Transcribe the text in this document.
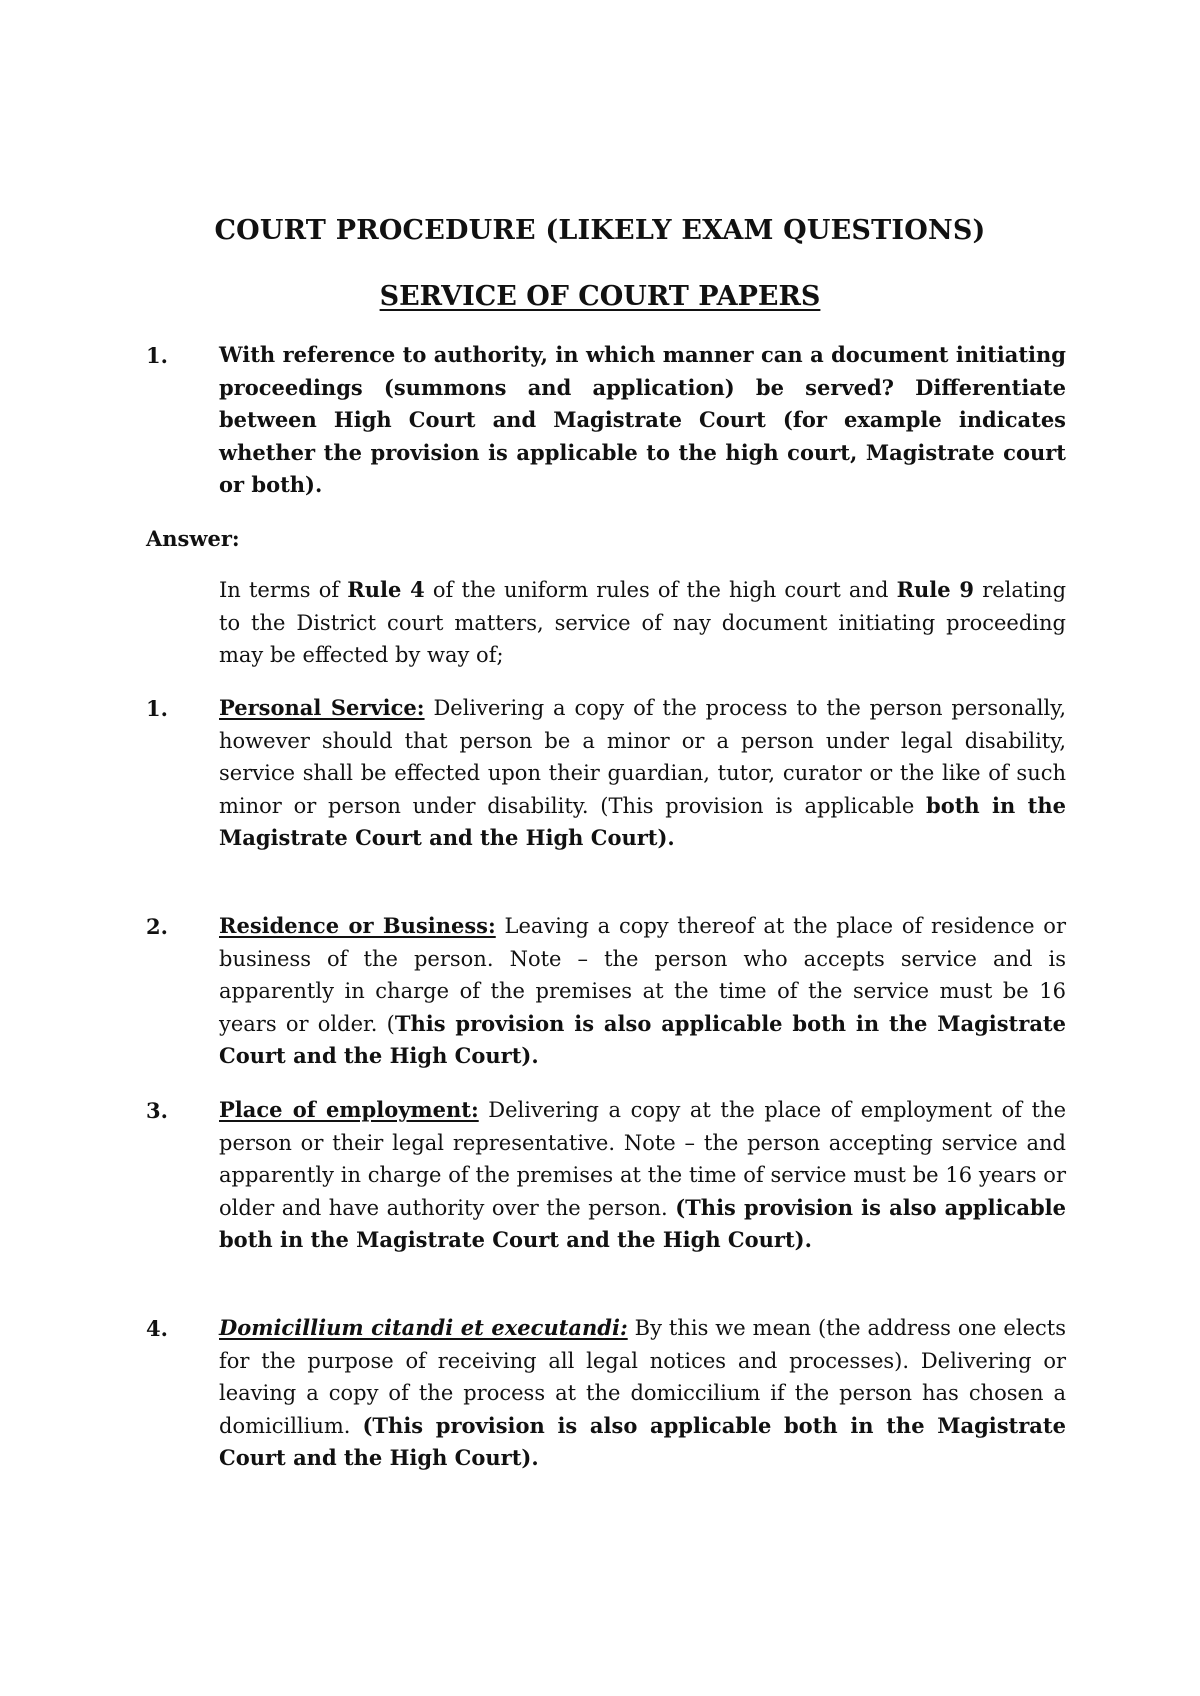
COURT PROCEDURE (LIKELY EXAM QUESTIONS)
SERVICE OF COURT PAPERS
1. With reference to authority, in which manner can a document initiating proceedings (summons and application) be served? Differentiate between High Court and Magistrate Court (for example indicates whether the provision is applicable to the high court, Magistrate court or both).
Answer:
In terms of Rule 4 of the uniform rules of the high court and Rule 9 relating to the District court matters, service of nay document initiating proceeding may be effected by way of;
1. Personal Service: Delivering a copy of the process to the person personally, however should that person be a minor or a person under legal disability, service shall be effected upon their guardian, tutor, curator or the like of such minor or person under disability. (This provision is applicable both in the Magistrate Court and the High Court).
2. Residence or Business: Leaving a copy thereof at the place of residence or business of the person. Note – the person who accepts service and is apparently in charge of the premises at the time of the service must be 16 years or older. (This provision is also applicable both in the Magistrate Court and the High Court).
3. Place of employment: Delivering a copy at the place of employment of the person or their legal representative. Note – the person accepting service and apparently in charge of the premises at the time of service must be 16 years or older and have authority over the person. (This provision is also applicable both in the Magistrate Court and the High Court).
4. Domicillium citandi et executandi: By this we mean (the address one elects for the purpose of receiving all legal notices and processes). Delivering or leaving a copy of the process at the domiccilium if the person has chosen a domicillium. (This provision is also applicable both in the Magistrate Court and the High Court).
